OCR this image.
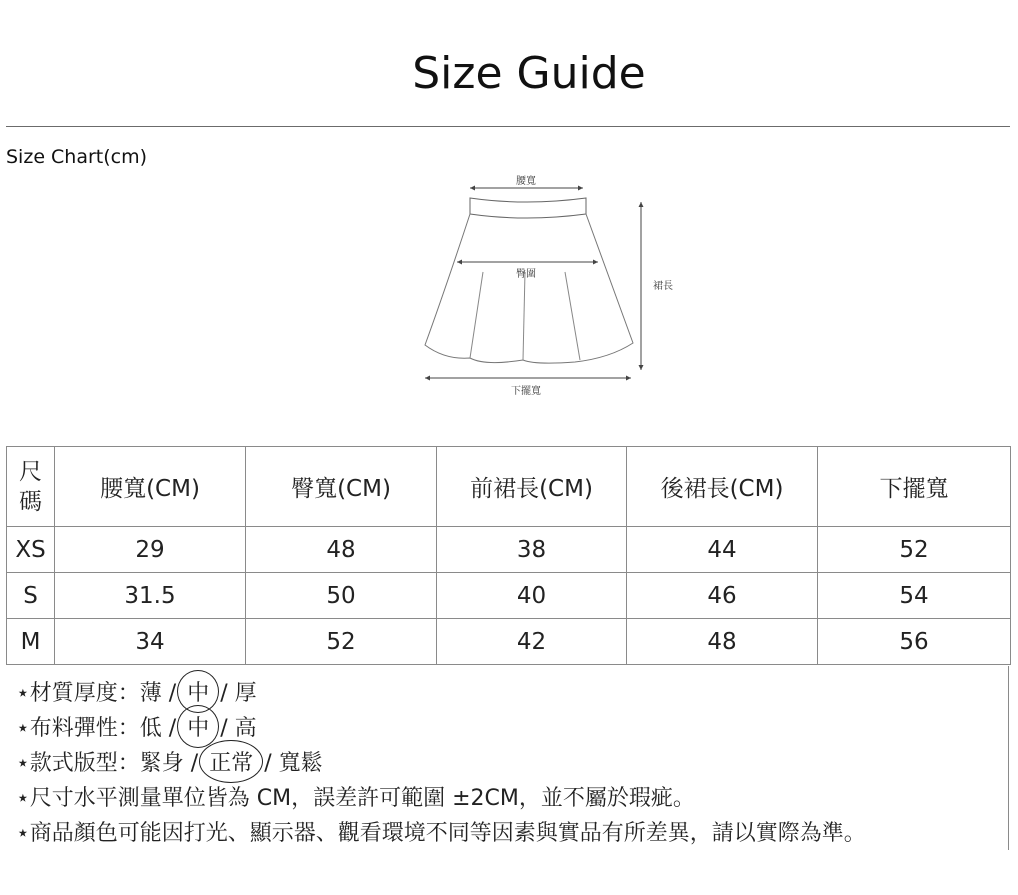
Size Guide
Size Chart(cm)
腰寬
臀圍
裙長
下擺寬
尺
碼	腰寬(CM)	臀寬(CM)	前裙長(CM)	後裙長(CM)	下擺寬
XS	29	48	38	44	52
S	31.5	50	40	46	54
M	34	52	42	48	56
⋆材質厚度：薄 / 中 / 厚
⋆布料彈性：低 / 中 / 高
⋆款式版型：緊身 / 正常 / 寬鬆
⋆尺寸水平測量單位皆為 CM，誤差許可範圍 ±2CM，並不屬於瑕疵。
⋆商品顏色可能因打光、顯示器、觀看環境不同等因素與實品有所差異，請以實際為準。
